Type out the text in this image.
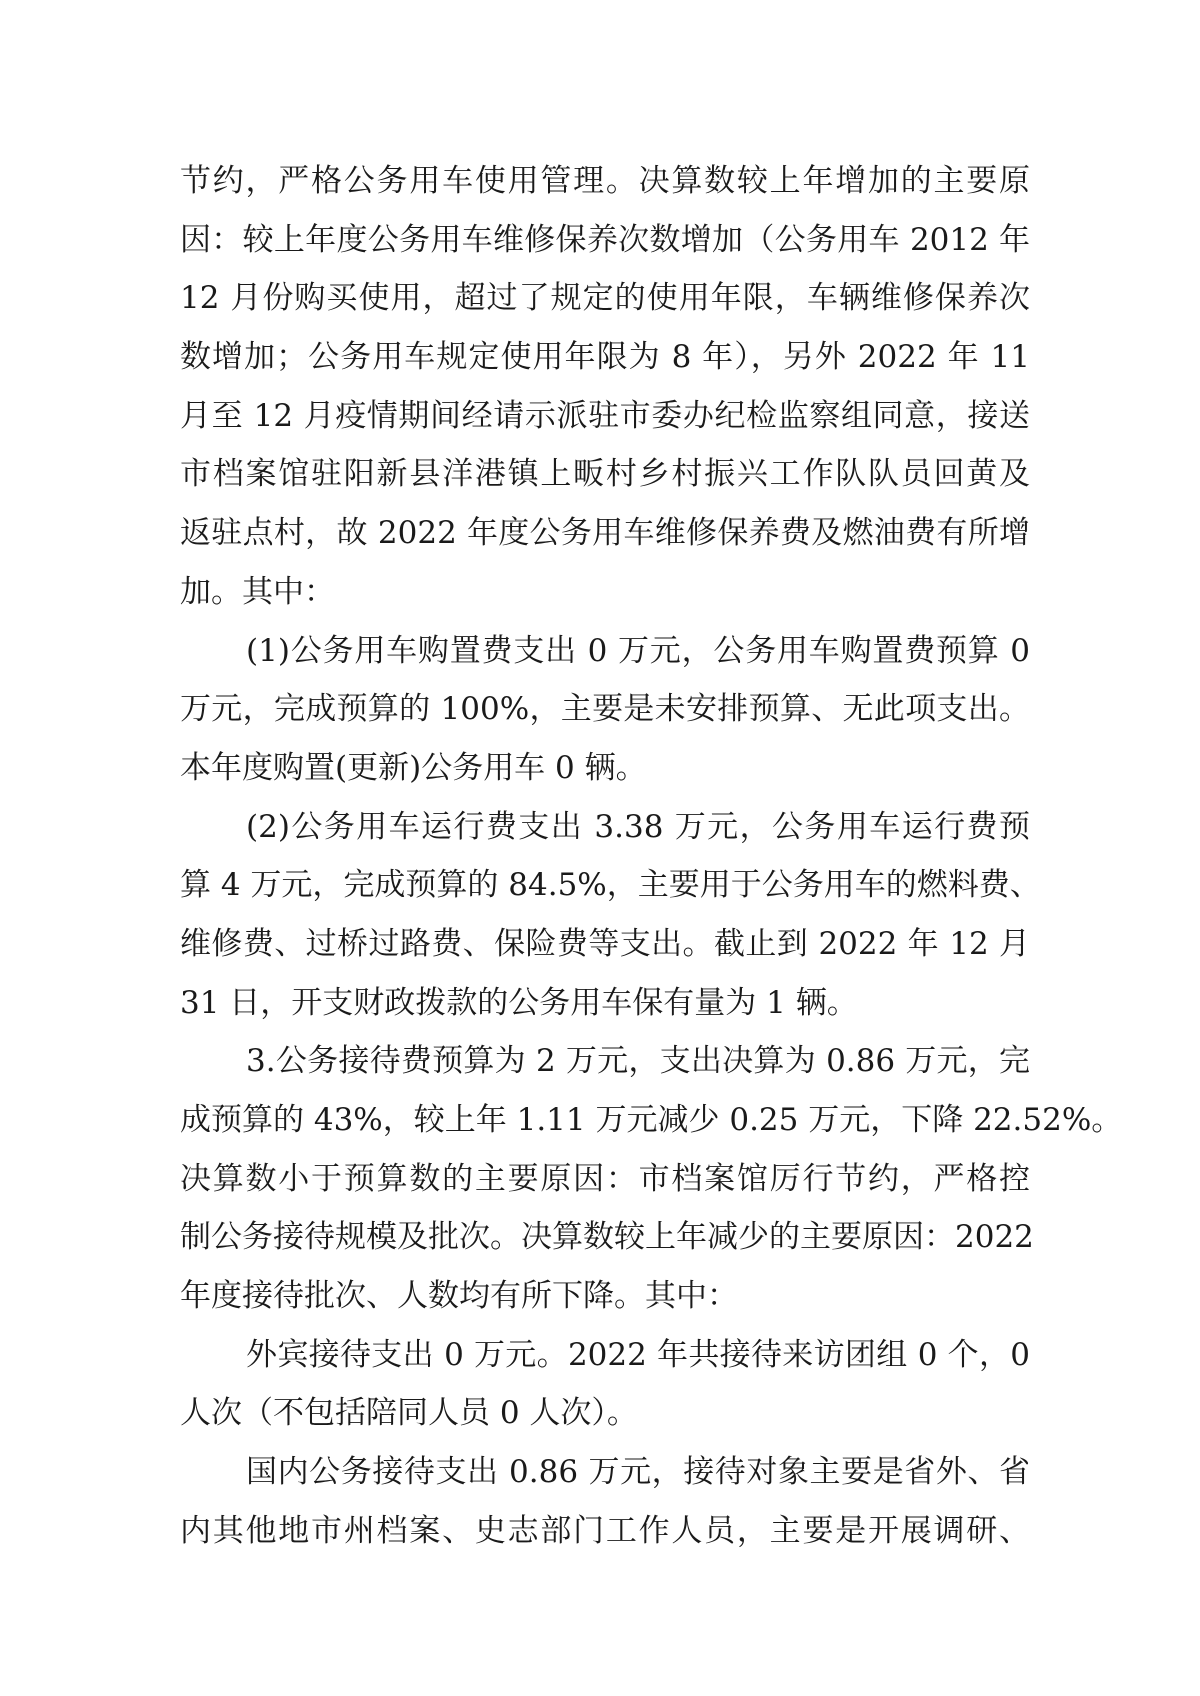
节约，严格公务用车使用管理。决算数较上年增加的主要原
因：较上年度公务用车维修保养次数增加（公务用车 2012 年
12 月份购买使用，超过了规定的使用年限，车辆维修保养次
数增加；公务用车规定使用年限为 8 年），另外 2022 年 11
月至 12 月疫情期间经请示派驻市委办纪检监察组同意，接送
市档案馆驻阳新县洋港镇上畈村乡村振兴工作队队员回黄及
返驻点村，故 2022 年度公务用车维修保养费及燃油费有所增
加。其中：
(1)公务用车购置费支出 0 万元，公务用车购置费预算 0
万元，完成预算的 100%，主要是未安排预算、无此项支出。
本年度购置(更新)公务用车 0 辆。
(2)公务用车运行费支出 3.38 万元，公务用车运行费预
算 4 万元，完成预算的 84.5%，主要用于公务用车的燃料费、
维修费、过桥过路费、保险费等支出。截止到 2022 年 12 月
31 日，开支财政拨款的公务用车保有量为 1 辆。
3.公务接待费预算为 2 万元，支出决算为 0.86 万元，完
成预算的 43%，较上年 1.11 万元减少 0.25 万元，下降 22.52%。
决算数小于预算数的主要原因：市档案馆厉行节约，严格控
制公务接待规模及批次。决算数较上年减少的主要原因：2022
年度接待批次、人数均有所下降。其中：
外宾接待支出 0 万元。2022 年共接待来访团组 0 个，0
人次（不包括陪同人员 0 人次）。
国内公务接待支出 0.86 万元，接待对象主要是省外、省
内其他地市州档案、史志部门工作人员，主要是开展调研、
